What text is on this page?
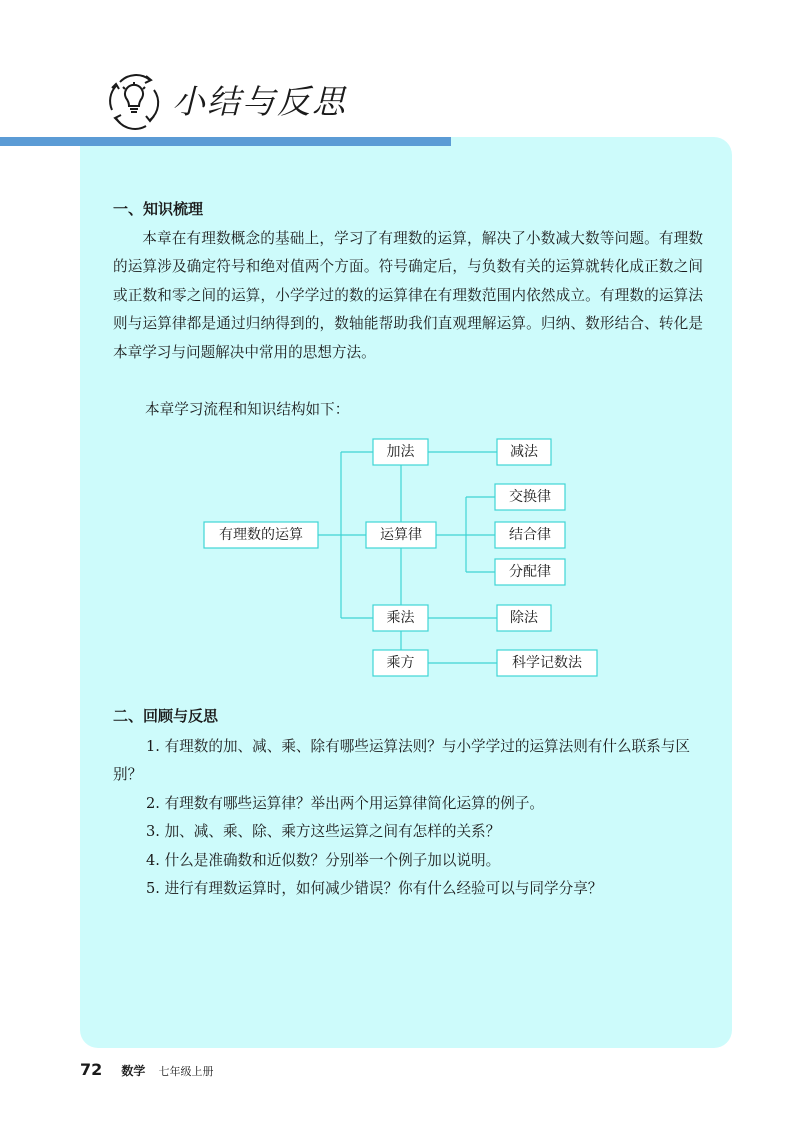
小结与反思
一、知识梳理

本章在有理数概念的基础上，学习了有理数的运算，解决了小数减大数等问题。有理数的运算涉及确定符号和绝对值两个方面。符号确定后，与负数有关的运算就转化成正数之间或正数和零之间的运算，小学学过的数的运算律在有理数范围内依然成立。有理数的运算法则与运算律都是通过归纳得到的，数轴能帮助我们直观理解运算。归纳、数形结合、转化是本章学习与问题解决中常用的思想方法。

本章学习流程和知识结构如下：

有理数的运算
加法	减法
运算律
交换律
结合律
分配律
乘法	除法
乘方	科学记数法
二、回顾与反思
1. 有理数的加、减、乘、除有哪些运算法则？与小学学过的运算法则有什么联系与区别？
2. 有理数有哪些运算律？举出两个用运算律简化运算的例子。
3. 加、减、乘、除、乘方这些运算之间有怎样的关系？
4. 什么是准确数和近似数？分别举一个例子加以说明。
5. 进行有理数运算时，如何减少错误？你有什么经验可以与同学分享？
72 数学 七年级上册
